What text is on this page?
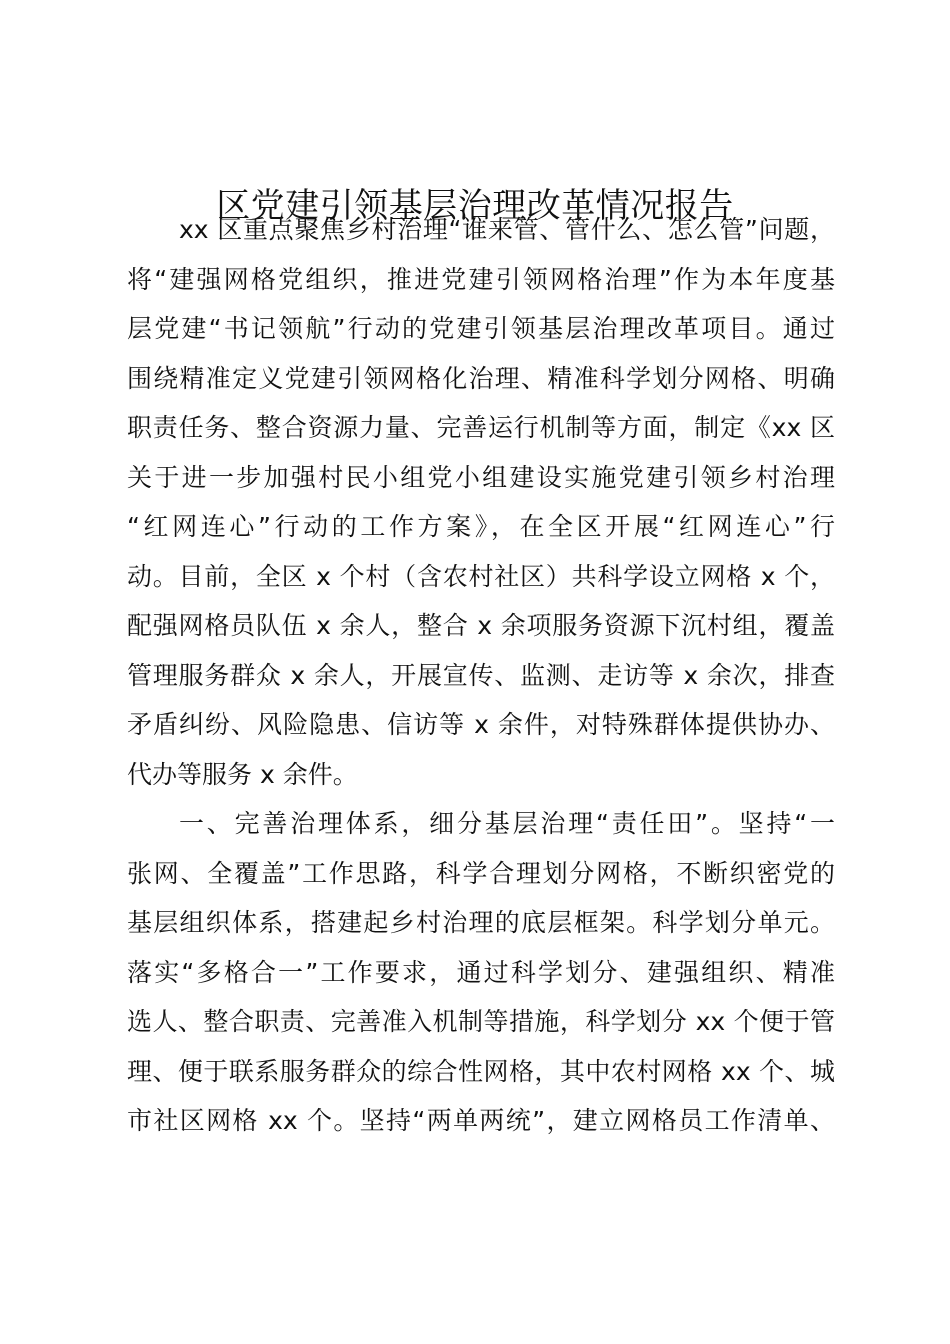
区党建引领基层治理改革情况报告
xx 区重点聚焦乡村治理“谁来管、管什么、怎么管”问题，
将“建强网格党组织，推进党建引领网格治理”作为本年度基
层党建“书记领航”行动的党建引领基层治理改革项目。通过
围绕精准定义党建引领网格化治理、精准科学划分网格、明确
职责任务、整合资源力量、完善运行机制等方面，制定《xx 区
关于进一步加强村民小组党小组建设实施党建引领乡村治理
“红网连心”行动的工作方案》，在全区开展“红网连心”行
动。目前，全区 x 个村（含农村社区）共科学设立网格 x 个，
配强网格员队伍 x 余人，整合 x 余项服务资源下沉村组，覆盖
管理服务群众 x 余人，开展宣传、监测、走访等 x 余次，排查
矛盾纠纷、风险隐患、信访等 x 余件，对特殊群体提供协办、
代办等服务 x 余件。
一、完善治理体系，细分基层治理“责任田”。坚持“一
张网、全覆盖”工作思路，科学合理划分网格，不断织密党的
基层组织体系，搭建起乡村治理的底层框架。科学划分单元。
落实“多格合一”工作要求，通过科学划分、建强组织、精准
选人、整合职责、完善准入机制等措施，科学划分 xx 个便于管
理、便于联系服务群众的综合性网格，其中农村网格 xx 个、城
市社区网格 xx 个。坚持“两单两统”，建立网格员工作清单、
